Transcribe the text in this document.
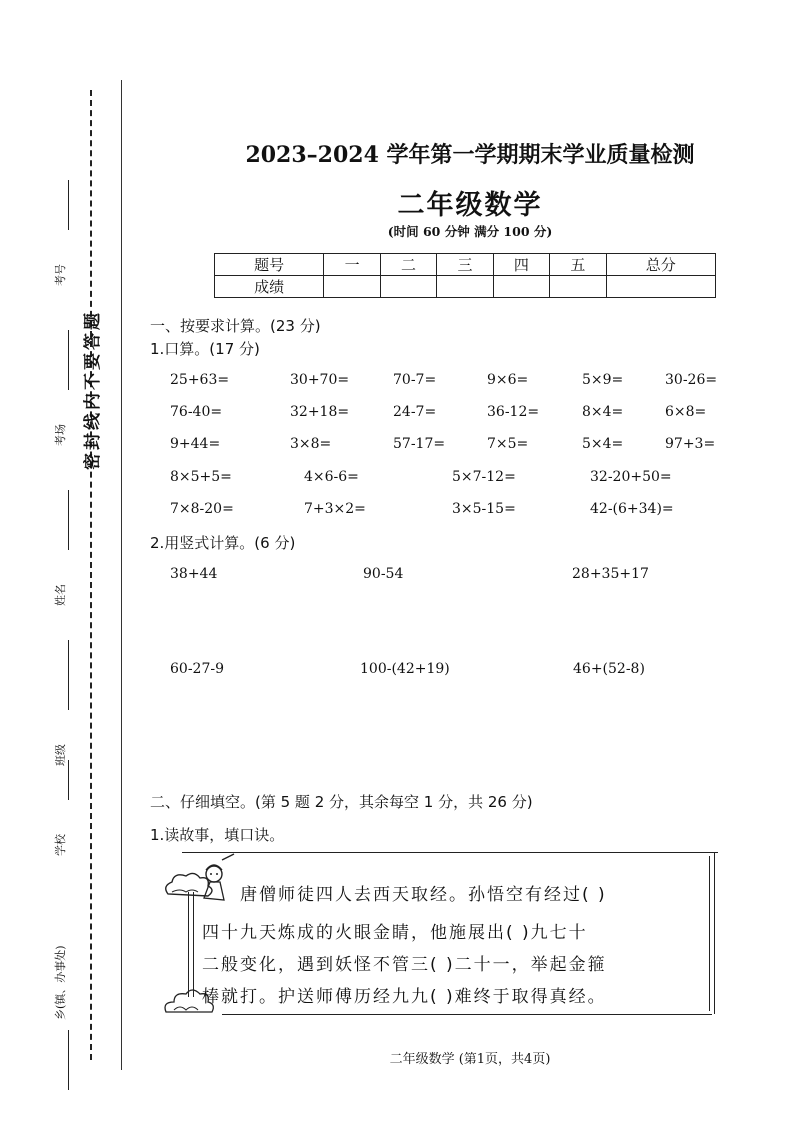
考号
考场
姓名
班级
学校
乡(镇、办事处)
密封线内不要答题
2023–2024 学年第一学期期末学业质量检测
二年级数学
(时间 60 分钟 满分 100 分)
题号	一	二	三	四	五	总分
成绩						
一、按要求计算。(23 分)
1.口算。(17 分)
25+63=	30+70=	70-7=	9×6=	5×9=	30-26=
76-40=	32+18=	24-7=	36-12=	8×4=	6×8=
9+44=	3×8=	57-17=	7×5=	5×4=	97+3=
8×5+5=	4×6-6=	5×7-12=	32-20+50=
7×8-20=	7+3×2=	3×5-15=	42-(6+34)=
2.用竖式计算。(6 分)
38+44	90-54	28+35+17
60-27-9	100-(42+19)	46+(52-8)
二、仔细填空。(第 5 题 2 分，其余每空 1 分，共 26 分)
1.读故事，填口诀。
唐僧师徒四人去西天取经。孙悟空有经过( )
四十九天炼成的火眼金睛，他施展出( )九七十
二般变化，遇到妖怪不管三( )二十一，举起金箍
棒就打。护送师傅历经九九( )难终于取得真经。
二年级数学 (第1页，共4页)
